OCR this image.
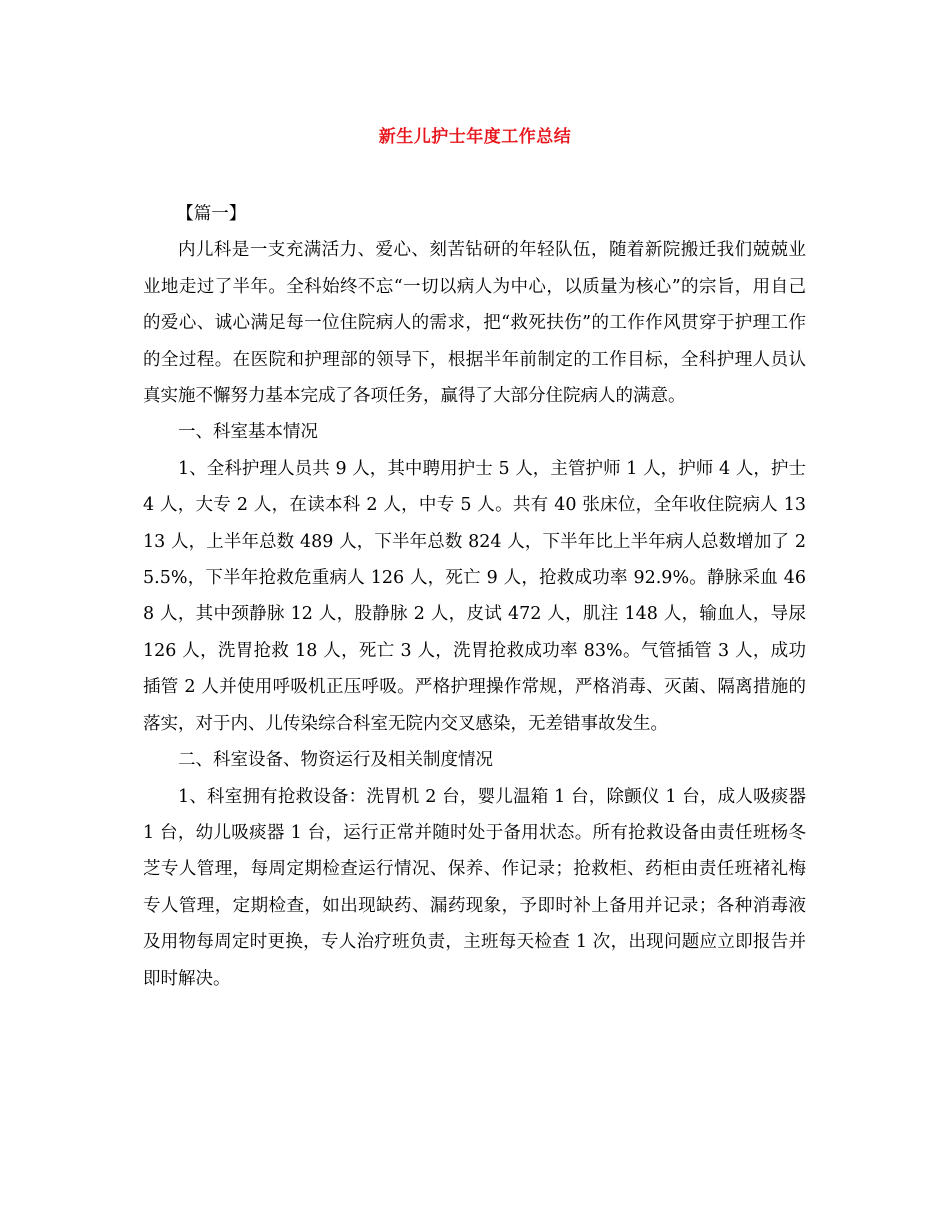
新生儿护士年度工作总结

【篇一】

内儿科是一支充满活力、爱心、刻苦钻研的年轻队伍，随着新院搬迁我们兢兢业业地走过了半年。全科始终不忘“一切以病人为中心，以质量为核心”的宗旨，用自己的爱心、诚心满足每一位住院病人的需求，把“救死扶伤”的工作作风贯穿于护理工作的全过程。在医院和护理部的领导下，根据半年前制定的工作目标，全科护理人员认真实施不懈努力基本完成了各项任务，赢得了大部分住院病人的满意。

一、科室基本情况

1、全科护理人员共 9 人，其中聘用护士 5 人，主管护师 1 人，护师 4 人，护士 4 人，大专 2 人，在读本科 2 人，中专 5 人。共有 40 张床位，全年收住院病人 1313 人，上半年总数 489 人，下半年总数 824 人，下半年比上半年病人总数增加了 25.5%，下半年抢救危重病人 126 人，死亡 9 人，抢救成功率 92.9%。静脉采血 468 人，其中颈静脉 12 人，股静脉 2 人，皮试 472 人，肌注 148 人，输血人，导尿 126 人，洗胃抢救 18 人，死亡 3 人，洗胃抢救成功率 83%。气管插管 3 人，成功插管 2 人并使用呼吸机正压呼吸。严格护理操作常规，严格消毒、灭菌、隔离措施的落实，对于内、儿传染综合科室无院内交叉感染，无差错事故发生。

二、科室设备、物资运行及相关制度情况

1、科室拥有抢救设备：洗胃机 2 台，婴儿温箱 1 台，除颤仪 1 台，成人吸痰器 1 台，幼儿吸痰器 1 台，运行正常并随时处于备用状态。所有抢救设备由责任班杨冬芝专人管理，每周定期检查运行情况、保养、作记录；抢救柜、药柜由责任班褚礼梅专人管理，定期检查，如出现缺药、漏药现象，予即时补上备用并记录；各种消毒液及用物每周定时更换，专人治疗班负责，主班每天检查 1 次，出现问题应立即报告并即时解决。
